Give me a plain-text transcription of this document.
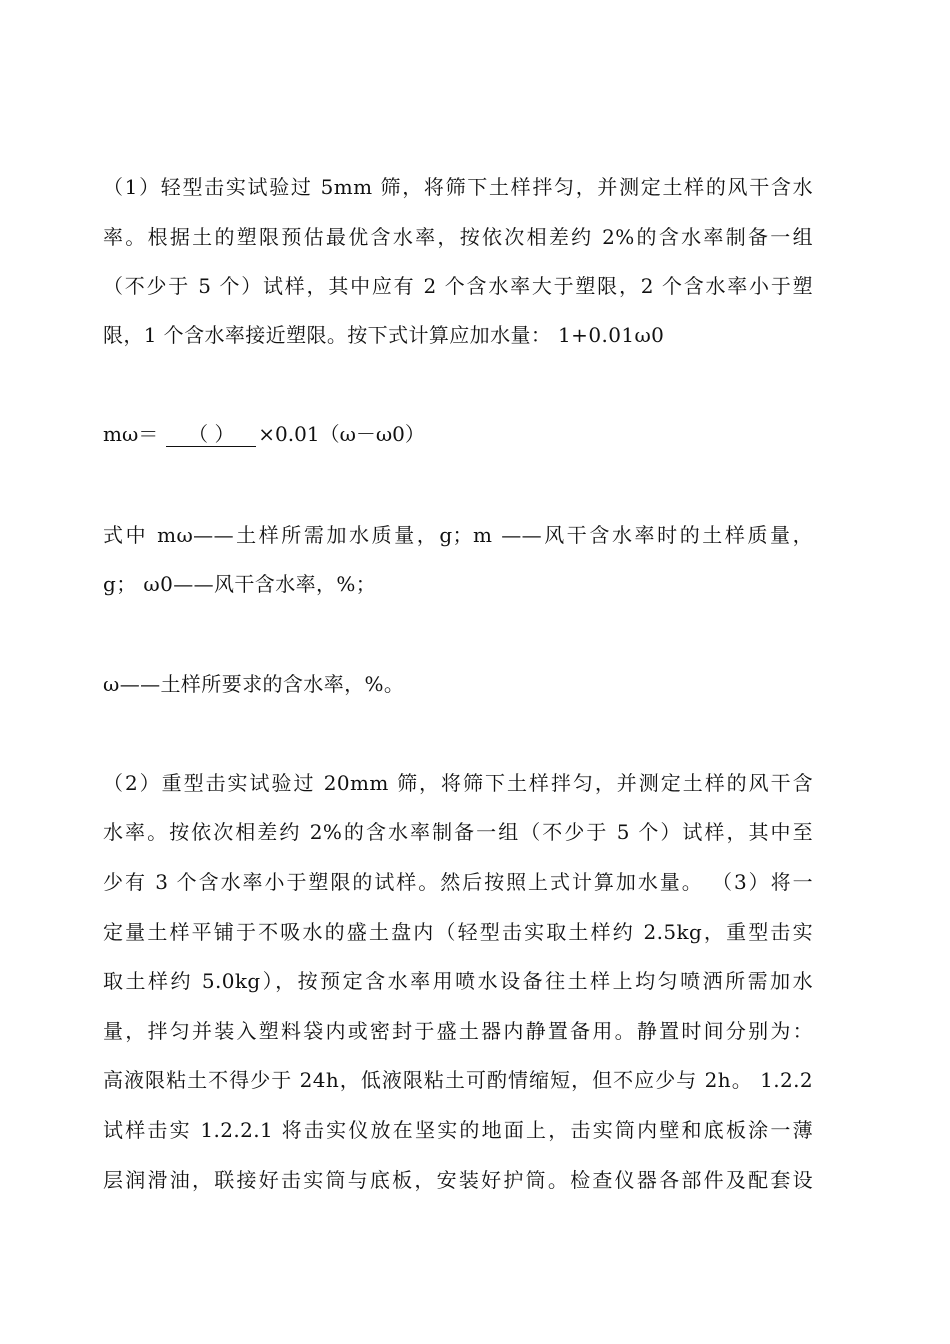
（1）轻型击实试验过 5mm 筛，将筛下土样拌匀，并测定土样的风干含水
率。根据土的塑限预估最优含水率，按依次相差约 2%的含水率制备一组
（不少于 5 个）试样，其中应有 2 个含水率大于塑限，2 个含水率小于塑
限，1 个含水率接近塑限。按下式计算应加水量： 1+0.01ω0
mω＝ （ ） ×0.01（ω－ω0）
式中 mω——土样所需加水质量，g；m ——风干含水率时的土样质量，
g； ω0——风干含水率，%；
ω——土样所要求的含水率，%。
（2）重型击实试验过 20mm 筛，将筛下土样拌匀，并测定土样的风干含
水率。按依次相差约 2%的含水率制备一组（不少于 5 个）试样，其中至
少有 3 个含水率小于塑限的试样。然后按照上式计算加水量。 （3）将一
定量土样平铺于不吸水的盛土盘内（轻型击实取土样约 2.5kg，重型击实
取土样约 5.0kg），按预定含水率用喷水设备往土样上均匀喷洒所需加水
量，拌匀并装入塑料袋内或密封于盛土器内静置备用。静置时间分别为：
高液限粘土不得少于 24h，低液限粘土可酌情缩短，但不应少与 2h。 1.2.2
试样击实 1.2.2.1 将击实仪放在坚实的地面上，击实筒内壁和底板涂一薄
层润滑油，联接好击实筒与底板，安装好护筒。检查仪器各部件及配套设
